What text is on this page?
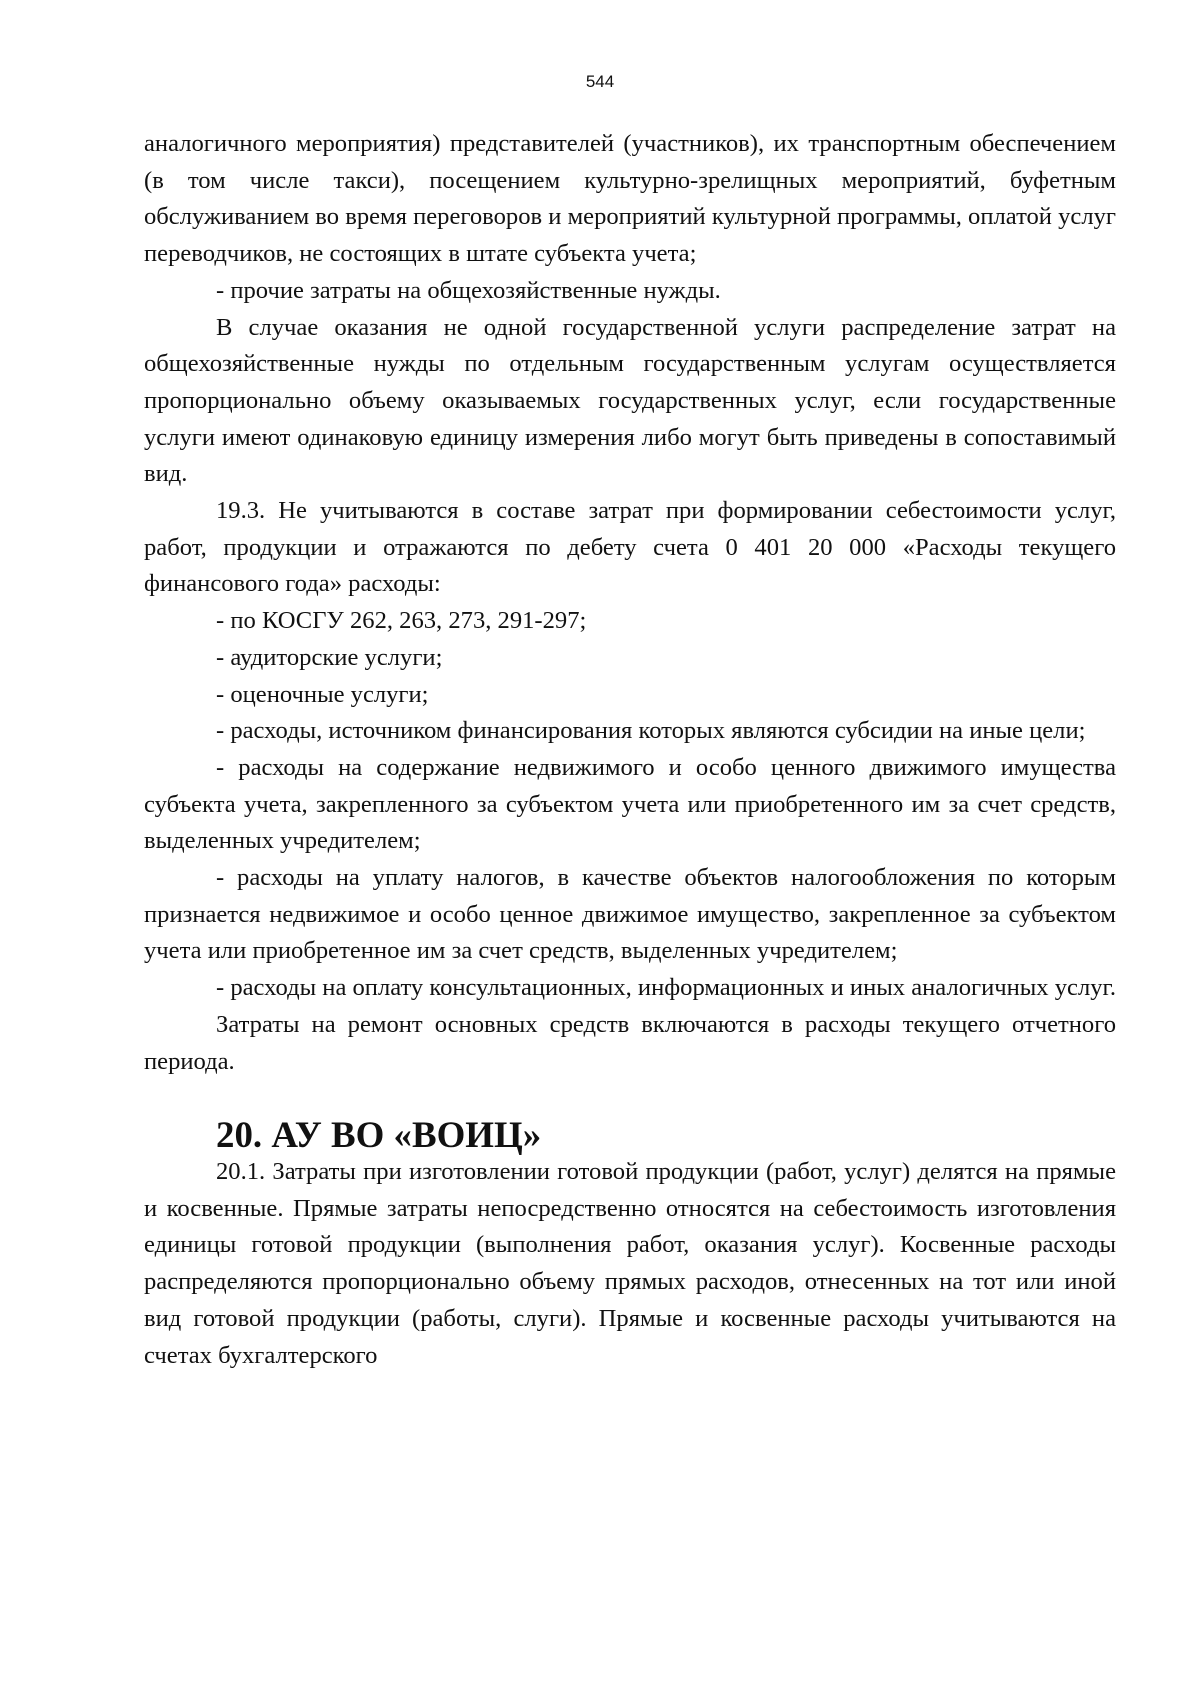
544

аналогичного мероприятия) представителей (участников), их транспортным обеспечением (в том числе такси), посещением культурно-зрелищных мероприятий, буфетным обслуживанием во время переговоров и мероприятий культурной программы, оплатой услуг переводчиков, не состоящих в штате субъекта учета;

- прочие затраты на общехозяйственные нужды.

В случае оказания не одной государственной услуги распределение затрат на общехозяйственные нужды по отдельным государственным услугам осуществляется пропорционально объему оказываемых государственных услуг, если государственные услуги имеют одинаковую единицу измерения либо могут быть приведены в сопоставимый вид.

19.3. Не учитываются в составе затрат при формировании себестоимости услуг, работ, продукции и отражаются по дебету счета 0 401 20 000 «Расходы текущего финансового года» расходы:

- по КОСГУ 262, 263, 273, 291-297;

- аудиторские услуги;

- оценочные услуги;

- расходы, источником финансирования которых являются субсидии на иные цели;

- расходы на содержание недвижимого и особо ценного движимого имущества субъекта учета, закрепленного за субъектом учета или приобретенного им за счет средств, выделенных учредителем;

- расходы на уплату налогов, в качестве объектов налогообложения по которым признается недвижимое и особо ценное движимое имущество, закрепленное за субъектом учета или приобретенное им за счет средств, выделенных учредителем;

- расходы на оплату консультационных, информационных и иных аналогичных услуг.

Затраты на ремонт основных средств включаются в расходы текущего отчетного периода.

20. АУ ВО «ВОИЦ»

20.1. Затраты при изготовлении готовой продукции (работ, услуг) делятся на прямые и косвенные. Прямые затраты непосредственно относятся на себестоимость изготовления единицы готовой продукции (выполнения работ, оказания услуг). Косвенные расходы распределяются пропорционально объему прямых расходов, отнесенных на тот или иной вид готовой продукции (работы, слуги). Прямые и косвенные расходы учитываются на счетах бухгалтерского
